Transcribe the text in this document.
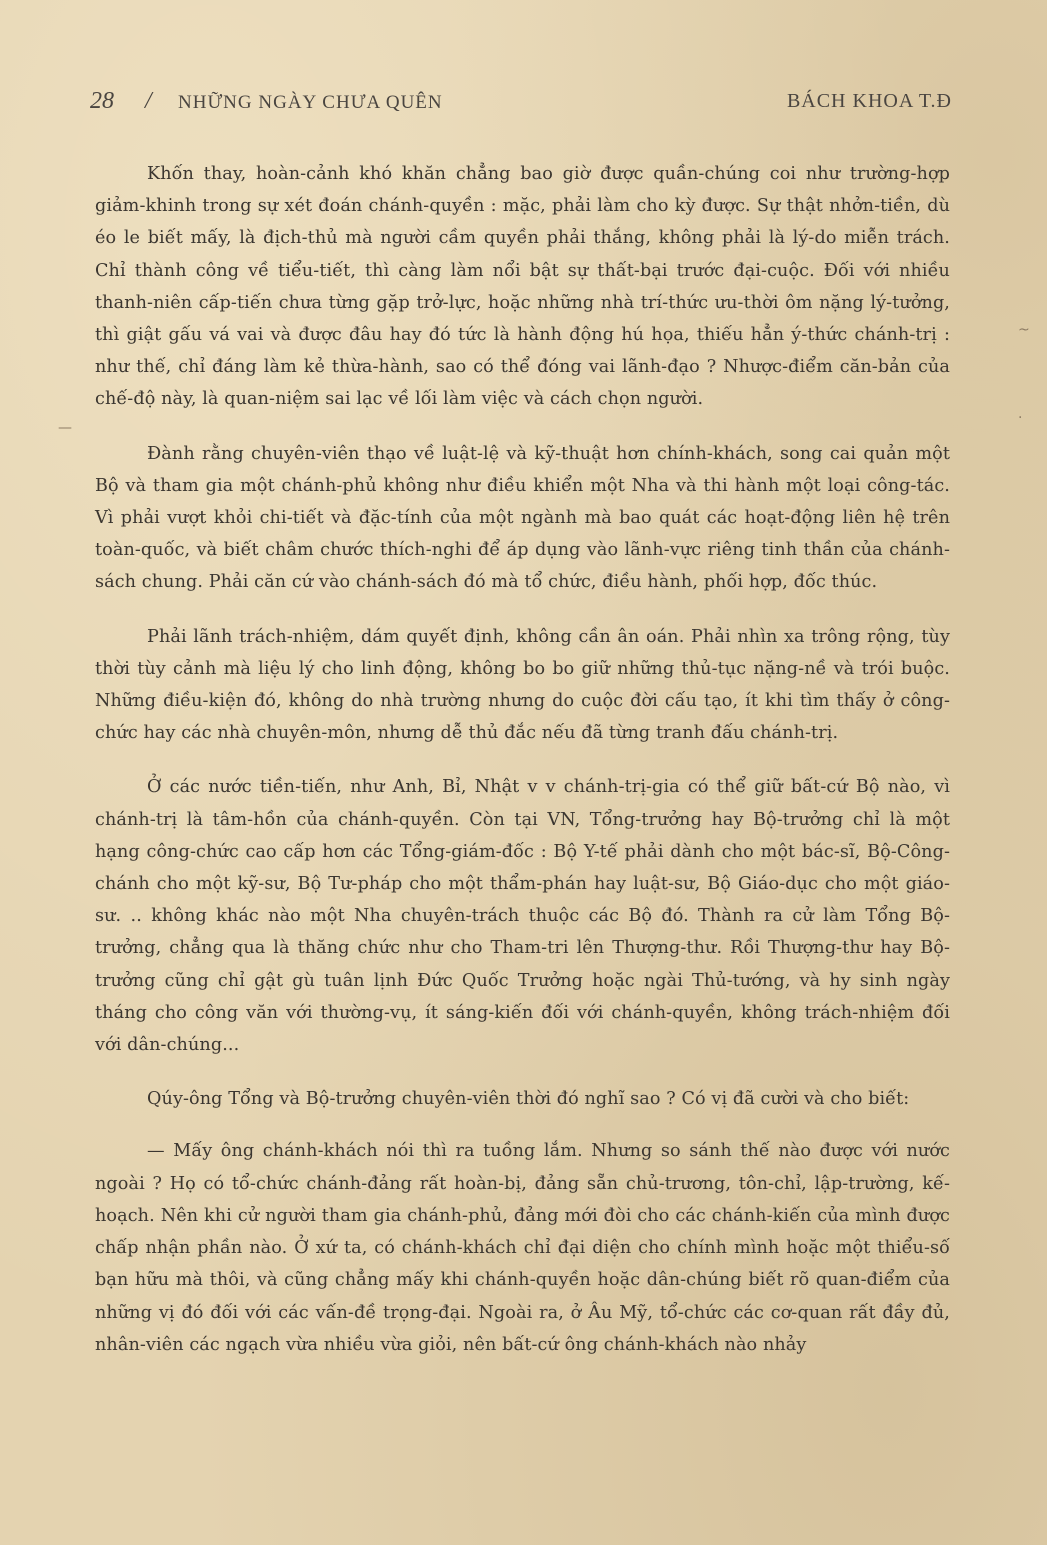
28 / NHỮNG NGÀY CHƯA QUÊN	BÁCH KHOA T.Đ

Khốn thay, hoàn-cảnh khó khăn chẳng bao giờ được quần-chúng coi như trường-hợp giảm-khinh trong sự xét đoán chánh-quyền : mặc, phải làm cho kỳ được. Sự thật nhởn-tiền, dù éo le biết mấy, là địch-thủ mà người cầm quyền phải thắng, không phải là lý-do miễn trách. Chỉ thành công về tiểu-tiết, thì càng làm nổi bật sự thất-bại trước đại-cuộc. Đối với nhiều thanh-niên cấp-tiến chưa từng gặp trở-lực, hoặc những nhà trí-thức ưu-thời ôm nặng lý-tưởng, thì giật gấu vá vai và được đâu hay đó tức là hành động hú họa, thiếu hẳn ý-thức chánh-trị : như thế, chỉ đáng làm kẻ thừa-hành, sao có thể đóng vai lãnh-đạo ? Nhược-điểm căn-bản của chế-độ này, là quan-niệm sai lạc về lối làm việc và cách chọn người.

Đành rằng chuyên-viên thạo về luật-lệ và kỹ-thuật hơn chính-khách, song cai quản một Bộ và tham gia một chánh-phủ không như điều khiển một Nha và thi hành một loại công-tác. Vì phải vượt khỏi chi-tiết và đặc-tính của một ngành mà bao quát các hoạt-động liên hệ trên toàn-quốc, và biết châm chước thích-nghi để áp dụng vào lãnh-vực riêng tinh thần của chánh-sách chung. Phải căn cứ vào chánh-sách đó mà tổ chức, điều hành, phối hợp, đốc thúc.

Phải lãnh trách-nhiệm, dám quyết định, không cần ân oán. Phải nhìn xa trông rộng, tùy thời tùy cảnh mà liệu lý cho linh động, không bo bo giữ những thủ-tục nặng-nề và trói buộc. Những điều-kiện đó, không do nhà trường nhưng do cuộc đời cấu tạo, ít khi tìm thấy ở công-chức hay các nhà chuyên-môn, nhưng dễ thủ đắc nếu đã từng tranh đấu chánh-trị.

Ở các nước tiền-tiến, như Anh, Bỉ, Nhật v v chánh-trị-gia có thể giữ bất-cứ Bộ nào, vì chánh-trị là tâm-hồn của chánh-quyền. Còn tại VN, Tổng-trưởng hay Bộ-trưởng chỉ là một hạng công-chức cao cấp hơn các Tổng-giám-đốc : Bộ Y-tế phải dành cho một bác-sĩ, Bộ-Công-chánh cho một kỹ-sư, Bộ Tư-pháp cho một thẩm-phán hay luật-sư, Bộ Giáo-dục cho một giáo-sư. .. không khác nào một Nha chuyên-trách thuộc các Bộ đó. Thành ra cử làm Tổng Bộ-trưởng, chẳng qua là thăng chức như cho Tham-tri lên Thượng-thư. Rồi Thượng-thư hay Bộ-trưởng cũng chỉ gật gù tuân lịnh Đức Quốc Trưởng hoặc ngài Thủ-tướng, và hy sinh ngày tháng cho công văn với thường-vụ, ít sáng-kiến đối với chánh-quyền, không trách-nhiệm đối với dân-chúng...

Qúy-ông Tổng và Bộ-trưởng chuyên-viên thời đó nghĩ sao ? Có vị đã cười và cho biết:

— Mấy ông chánh-khách nói thì ra tuồng lắm. Nhưng so sánh thế nào được với nước ngoài ? Họ có tổ-chức chánh-đảng rất hoàn-bị, đảng sẵn chủ-trương, tôn-chỉ, lập-trường, kế-hoạch. Nên khi cử người tham gia chánh-phủ, đảng mới đòi cho các chánh-kiến của mình được chấp nhận phần nào. Ở xứ ta, có chánh-khách chỉ đại diện cho chính mình hoặc một thiểu-số bạn hữu mà thôi, và cũng chẳng mấy khi chánh-quyền hoặc dân-chúng biết rõ quan-điểm của những vị đó đối với các vấn-đề trọng-đại. Ngoài ra, ở Âu Mỹ, tổ-chức các cơ-quan rất đầy đủ, nhân-viên các ngạch vừa nhiều vừa giỏi, nên bất-cứ ông chánh-khách nào nhảy

—
~
·
